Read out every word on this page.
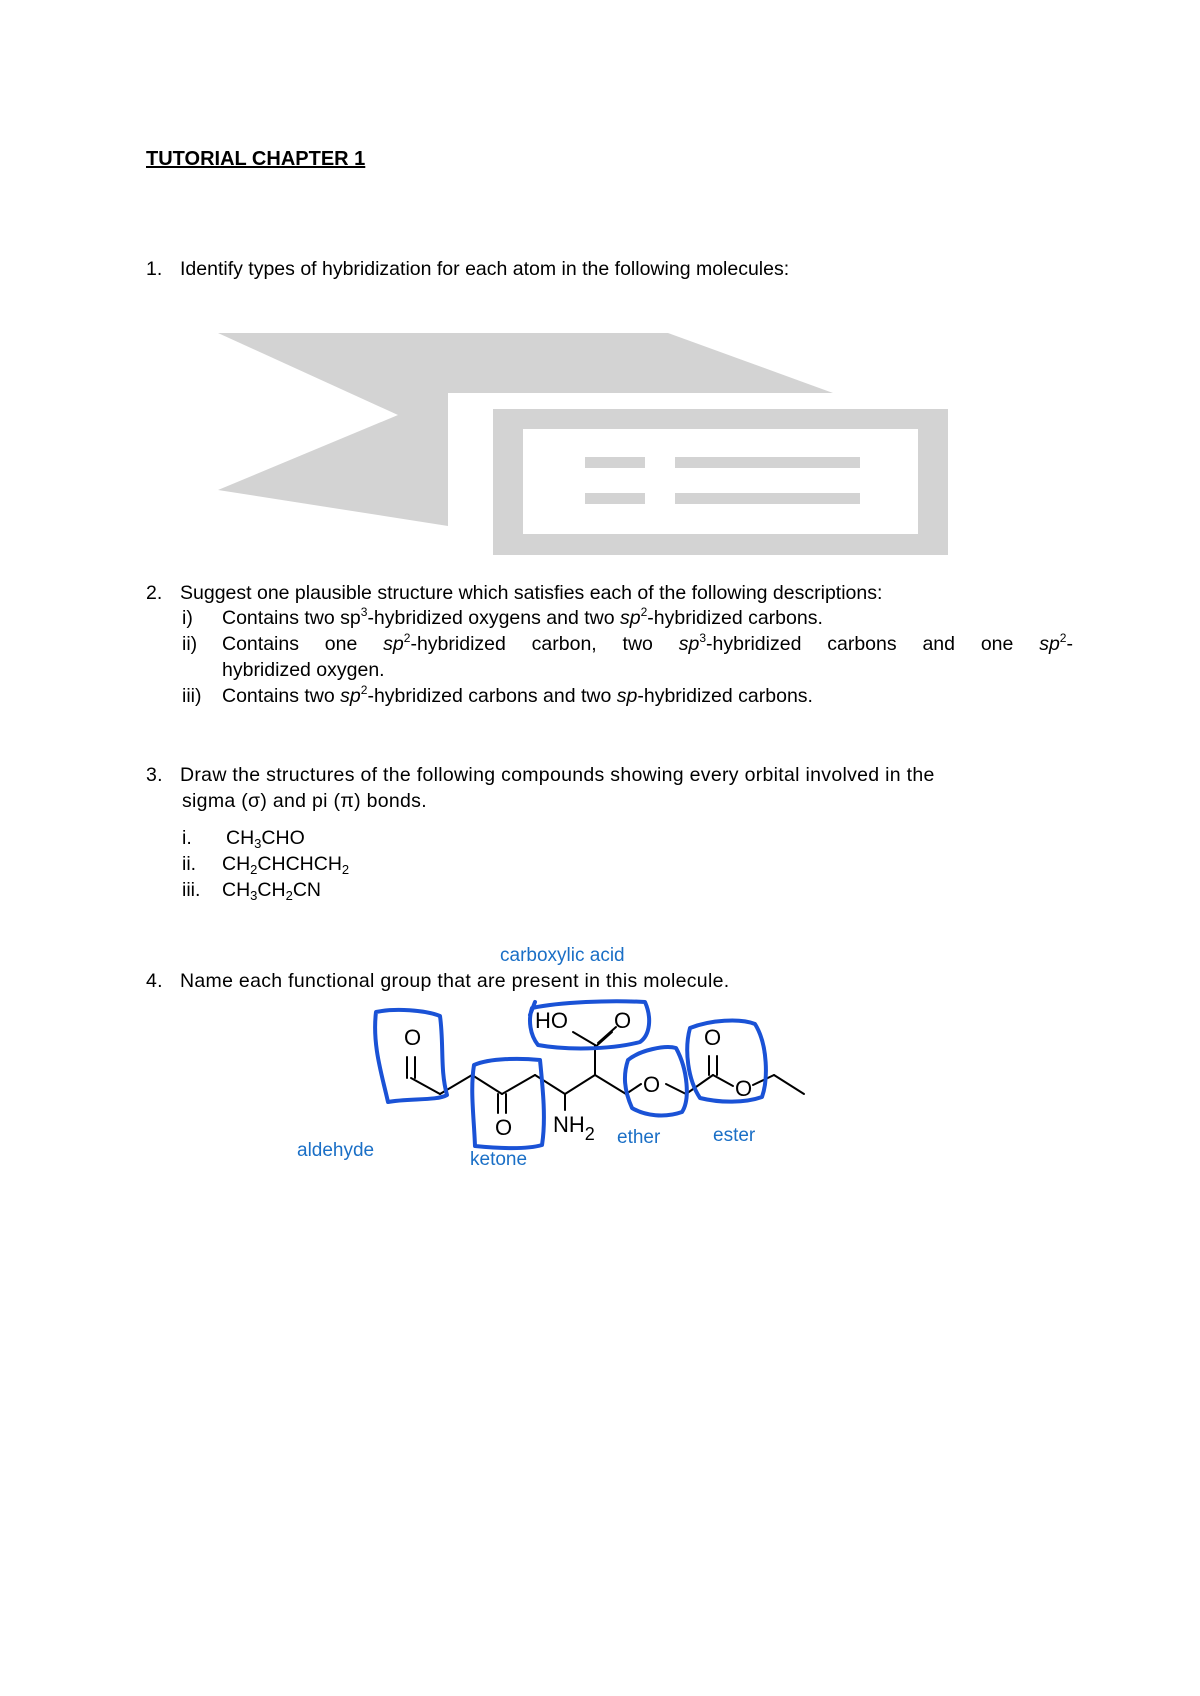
TUTORIAL CHAPTER 1
1. Identify types of hybridization for each atom in the following molecules:
2. Suggest one plausible structure which satisfies each of the following descriptions:
i) Contains two $sp^3$-hybridized oxygens and two $sp^2$-hybridized carbons.
ii) Contains one $sp^2$-hybridized carbon, two $sp^3$-hybridized carbons and one $sp^2-$
hybridized oxygen.
iii) Contains two $sp^2$-hybridized carbons and two sp-hybridized carbons.
3. Draw the structures of the following compounds showing every orbital involved in the
sigma (σ) and pi (π) bonds.
i. $CH_3CHO$
ii. $CH_2CHCHCH_2$
iii. $CH_3CH_2CN$
4. Name each functional group that are present in this molecule.
O
O
HO O
O
O
O
$NH_2$
carboxylic acid
aldehyde	ketone
ether	ester
